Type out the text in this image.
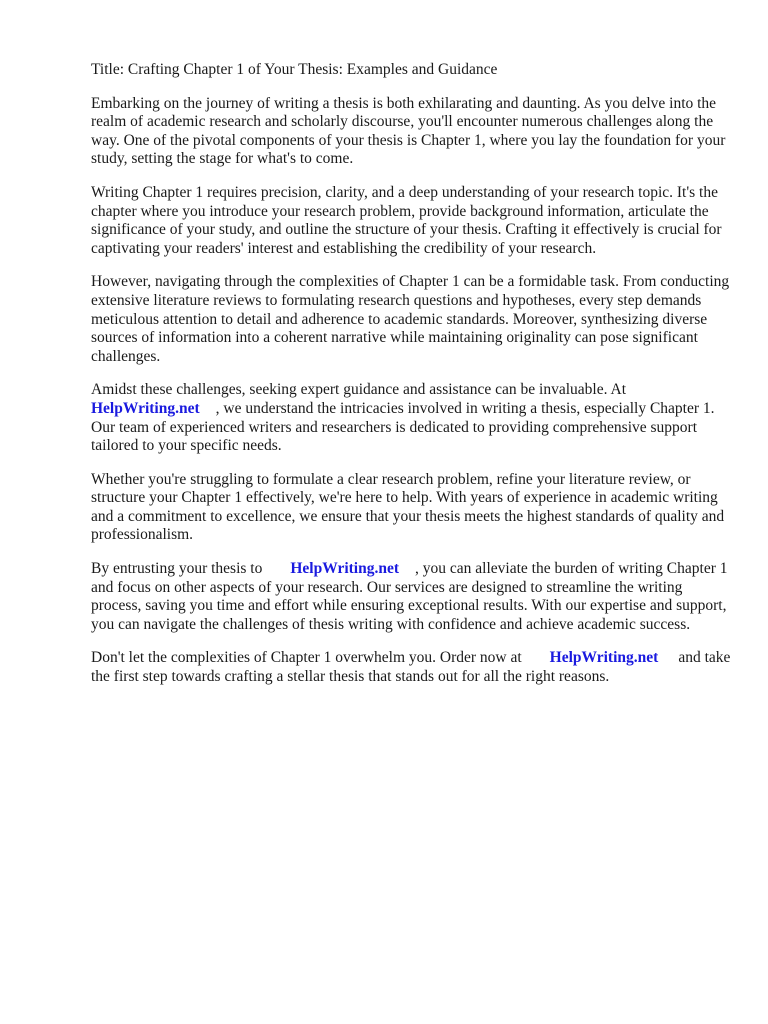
Title: Crafting Chapter 1 of Your Thesis: Examples and Guidance

Embarking on the journey of writing a thesis is both exhilarating and daunting. As you delve into the realm of academic research and scholarly discourse, you'll encounter numerous challenges along the way. One of the pivotal components of your thesis is Chapter 1, where you lay the foundation for your study, setting the stage for what's to come.

Writing Chapter 1 requires precision, clarity, and a deep understanding of your research topic. It's the chapter where you introduce your research problem, provide background information, articulate the significance of your study, and outline the structure of your thesis. Crafting it effectively is crucial for captivating your readers' interest and establishing the credibility of your research.

However, navigating through the complexities of Chapter 1 can be a formidable task. From conducting extensive literature reviews to formulating research questions and hypotheses, every step demands meticulous attention to detail and adherence to academic standards. Moreover, synthesizing diverse sources of information into a coherent narrative while maintaining originality can pose significant challenges.

Amidst these challenges, seeking expert guidance and assistance can be invaluable. At
HelpWriting.net , we understand the intricacies involved in writing a thesis, especially Chapter 1. Our team of experienced writers and researchers is dedicated to providing comprehensive support tailored to your specific needs.

Whether you're struggling to formulate a clear research problem, refine your literature review, or structure your Chapter 1 effectively, we're here to help. With years of experience in academic writing and a commitment to excellence, we ensure that your thesis meets the highest standards of quality and professionalism.

By entrusting your thesis to HelpWriting.net , you can alleviate the burden of writing Chapter 1 and focus on other aspects of your research. Our services are designed to streamline the writing process, saving you time and effort while ensuring exceptional results. With our expertise and support, you can navigate the challenges of thesis writing with confidence and achieve academic success.

Don't let the complexities of Chapter 1 overwhelm you. Order now at HelpWriting.net and take the first step towards crafting a stellar thesis that stands out for all the right reasons.
